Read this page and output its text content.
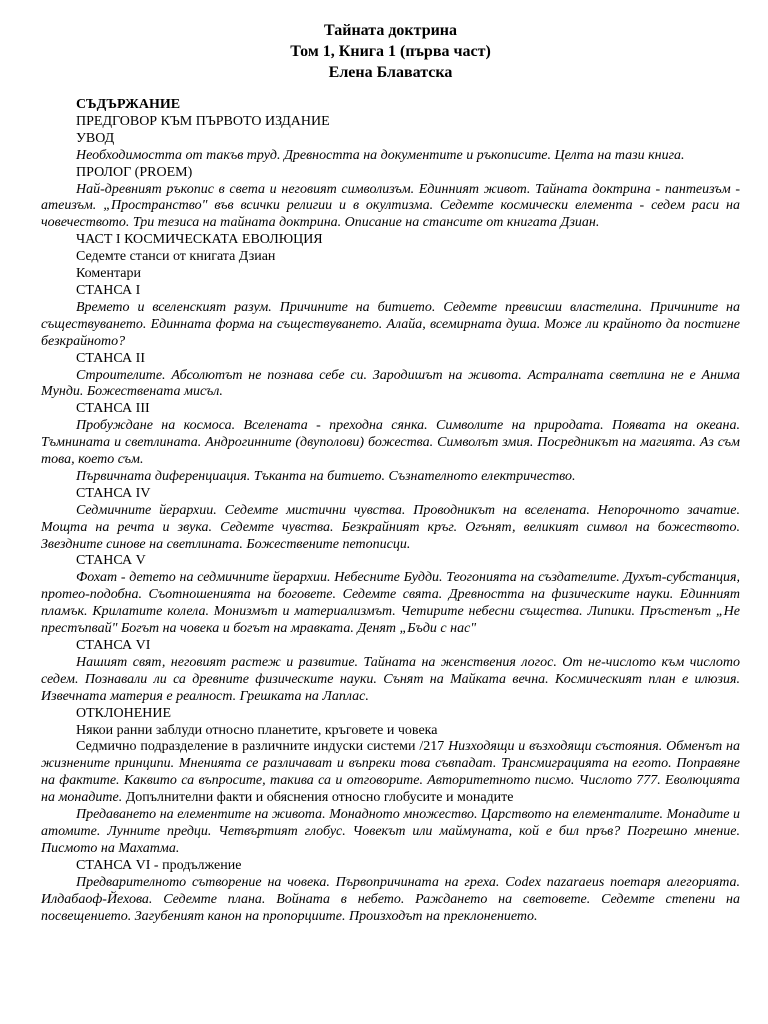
Тайната доктрина
Том 1, Книга 1 (първа част)
Елена Блаватска

СЪДЪРЖАНИЕ

ПРЕДГОВОР КЪМ ПЪРВОТО ИЗДАНИЕ

УВОД

Необходимостта от такъв труд. Древността на документите и ръкописите. Целта на тази книга.

ПРОЛОГ (PROEM)

Най-древният ръкопис в света и неговият символизъм. Единният живот. Тайната доктрина - пантеизъм - атеизъм. „Пространство" във всички религии и в окултизма. Седемте космически елемента - седем раси на човечеството. Три тезиса на тайната доктрина. Описание на стансите от книгата Дзиан.

ЧАСТ I КОСМИЧЕСКАТА ЕВОЛЮЦИЯ

Седемте станси от книгата Дзиан

Коментари

СТАНСА I

Времето и вселенският разум. Причините на битието. Седемте превисши властелина. Причините на съществуването. Единната форма на съществуването. Алайа, всемирната душа. Може ли крайното да постигне безкрайното?

СТАНСА II

Строителите. Абсолютът не познава себе си. Зародишът на живота. Астралната светлина не е Анима Мунди. Божествената мисъл.

СТАНСА III

Пробуждане на космоса. Вселената - преходна сянка. Символите на природата. Появата на океана. Тъмнината и светлината. Андрогинните (двуполови) божества. Символът змия. Посредникът на магията. Аз съм това, което съм.

Първичната диференциация. Тъканта на битието. Съзнателното електричество.

СТАНСА IV

Седмичните йерархии. Седемте мистични чувства. Проводникът на вселената. Непорочното зачатие. Мощта на речта и звука. Седемте чувства. Безкрайният кръг. Огънят, великият символ на божеството. Звездните синове на светлината. Божествените петописци.

СТАНСА V

Фохат - детето на седмичните йерархии. Небесните Будди. Теогонията на създателите. Духът-субстанция, протео-подобна. Съотношенията на боговете. Седемте свята. Древността на физическите науки. Единният пламък. Крилатите колела. Монизмът и материализмът. Четирите небесни същества. Липики. Пръстенът „Не престъпвай" Богът на човека и богът на мравката. Денят „Бъди с нас"

СТАНСА VI

Нашият свят, неговият растеж и развитие. Тайната на женствения логос. От не-числото към числото седем. Познавали ли са древните физическите науки. Сънят на Майката вечна. Космическият план е илюзия. Извечната материя е реалност. Грешката на Лаплас.

ОТКЛОНЕНИЕ

Някои ранни заблуди относно планетите, кръговете и човека

Седмично подразделение в различните индуски системи /217 Низходящи и възходящи състояния. Обменът на жизнените принципи. Мненията се различават и въпреки това съвпадат. Трансмиграцията на егото. Поправяне на фактите. Каквито са въпросите, такива са и отговорите. Авторитетното писмо. Числото 777. Еволюцията на монадите. Допълнителни факти и обяснения относно глобусите и монадите

Предаването на елементите на живота. Монадното множество. Царството на елементалите. Монадите и атомите. Лунните предци. Четвъртият глобус. Човекът или маймуната, кой е бил пръв? Погрешно мнение. Писмото на Махатма.

СТАНСА VI - продължение

Предварителното сътворение на човека. Първопричината на греха. Codex nazaraeus поетаря алегорията. Илдабаоф-Йехова. Седемте плана. Войната в небето. Раждането на световете. Седемте степени на посвещението. Загубеният канон на пропорциите. Произходът на преклонението.
